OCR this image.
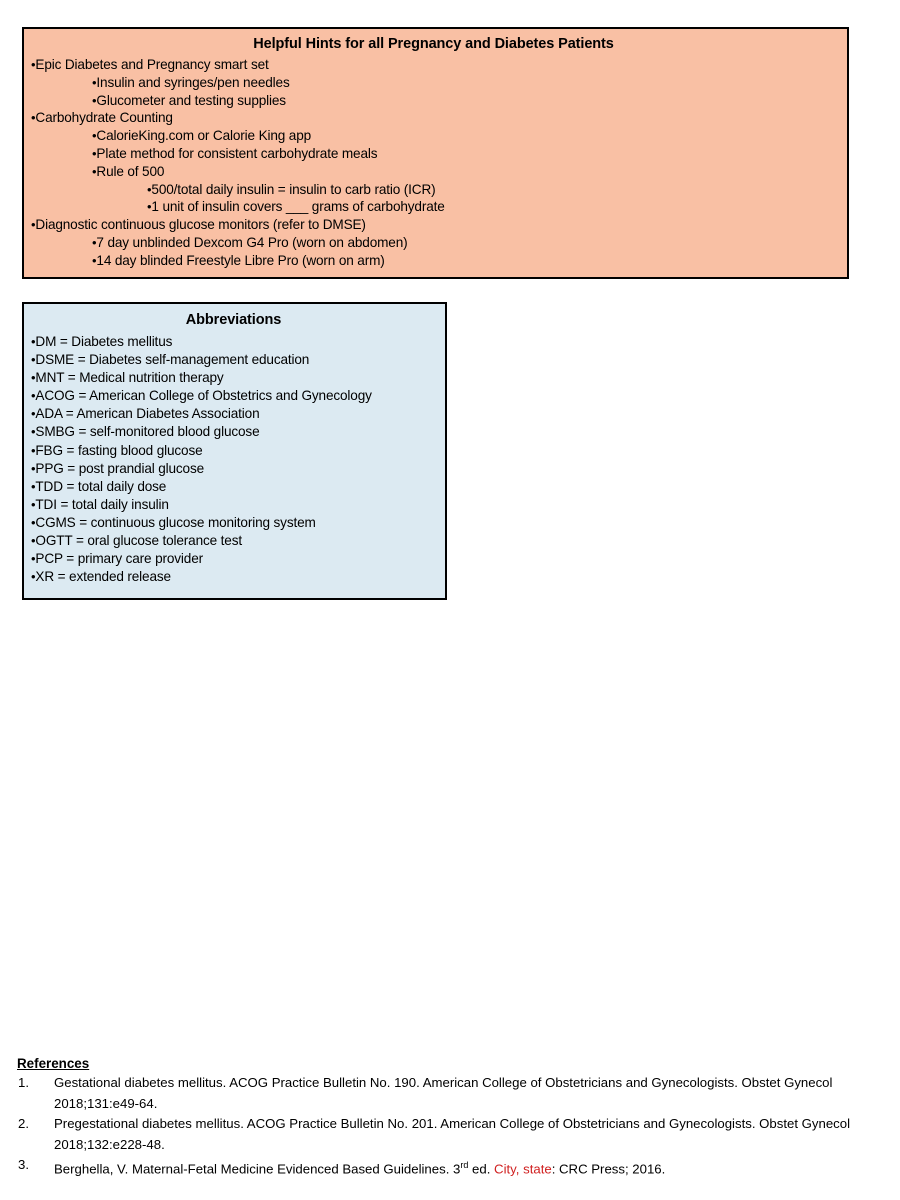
Helpful Hints for all Pregnancy and Diabetes Patients
•Epic Diabetes and Pregnancy smart set
•Insulin and syringes/pen needles
•Glucometer and testing supplies
•Carbohydrate Counting
•CalorieKing.com or Calorie King app
•Plate method for consistent carbohydrate meals
•Rule of 500
•500/total daily insulin = insulin to carb ratio (ICR)
•1 unit of insulin covers ___ grams of carbohydrate
•Diagnostic continuous glucose monitors (refer to DMSE)
•7 day unblinded Dexcom G4 Pro (worn on abdomen)
•14 day blinded Freestyle Libre Pro (worn on arm)
Abbreviations
•DM = Diabetes mellitus
•DSME = Diabetes self-management education
•MNT = Medical nutrition therapy
•ACOG = American College of Obstetrics and Gynecology
•ADA = American Diabetes Association
•SMBG = self-monitored blood glucose
•FBG = fasting blood glucose
•PPG = post prandial glucose
•TDD = total daily dose
•TDI = total daily insulin
•CGMS = continuous glucose monitoring system
•OGTT = oral glucose tolerance test
•PCP = primary care provider
•XR = extended release
References
1.	Gestational diabetes mellitus. ACOG Practice Bulletin No. 190. American College of Obstetricians and Gynecologists. Obstet Gynecol 2018;131:e49-64.
2.	Pregestational diabetes mellitus. ACOG Practice Bulletin No. 201. American College of Obstetricians and Gynecologists. Obstet Gynecol 2018;132:e228-48.
3.	Berghella, V. Maternal-Fetal Medicine Evidenced Based Guidelines. 3rd ed. City, state: CRC Press; 2016.
